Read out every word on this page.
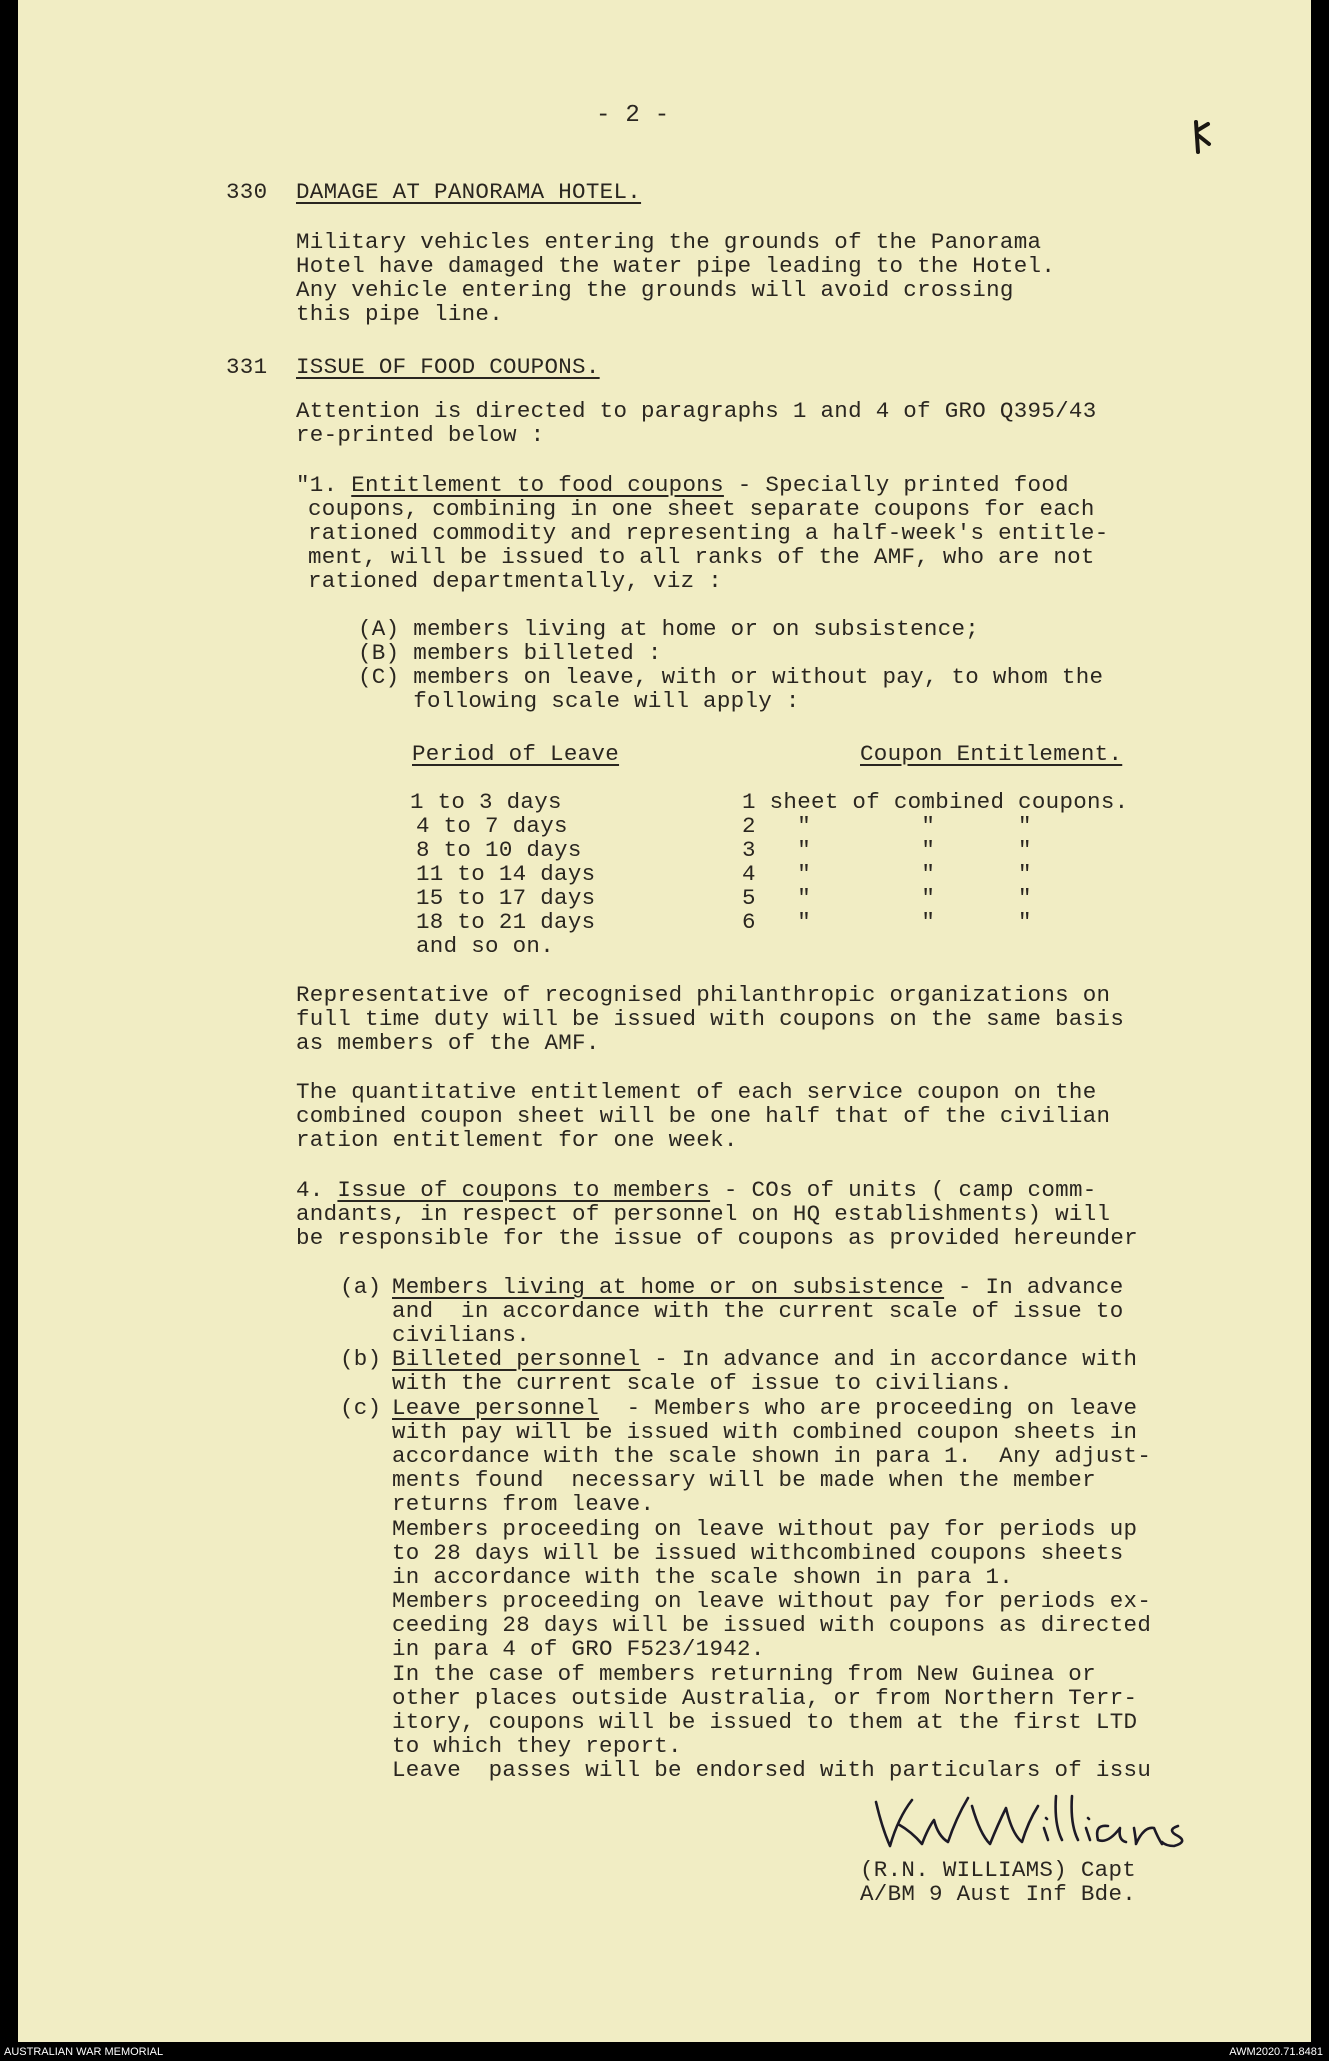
- 2 -
330 DAMAGE AT PANORAMA HOTEL.
Military vehicles entering the grounds of the Panorama
Hotel have damaged the water pipe leading to the Hotel.
Any vehicle entering the grounds will avoid crossing
this pipe line.
331 ISSUE OF FOOD COUPONS.
Attention is directed to paragraphs 1 and 4 of GRO Q395/43
re-printed below :
"1. Entitlement to food coupons - Specially printed food
coupons, combining in one sheet separate coupons for each
rationed commodity and representing a half-week's entitle-
ment, will be issued to all ranks of the AMF, who are not
rationed departmentally, viz :
(A) members living at home or on subsistence;
(B) members billeted :
(C) members on leave, with or without pay, to whom the
following scale will apply :
Period of Leave	Coupon Entitlement.
1 to 3 days	1 sheet of combined coupons.
4 to 7 days	2   "        "      "
8 to 10 days	3   "        "      "
11 to 14 days	4   "        "      "
15 to 17 days	5   "        "      "
18 to 21 days	6   "        "      "
and so on.
Representative of recognised philanthropic organizations on
full time duty will be issued with coupons on the same basis
as members of the AMF.
The quantitative entitlement of each service coupon on the
combined coupon sheet will be one half that of the civilian
ration entitlement for one week.
4. Issue of coupons to members - COs of units ( camp comm-
andants, in respect of personnel on HQ establishments) will
be responsible for the issue of coupons as provided hereunder
(a) Members living at home or on subsistence - In advance
and  in accordance with the current scale of issue to
civilians.
(b) Billeted personnel - In advance and in accordance with
with the current scale of issue to civilians.
(c) Leave personnel  - Members who are proceeding on leave
with pay will be issued with combined coupon sheets in
accordance with the scale shown in para 1.  Any adjust-
ments found  necessary will be made when the member
returns from leave.
Members proceeding on leave without pay for periods up
to 28 days will be issued withcombined coupons sheets
in accordance with the scale shown in para 1.
Members proceeding on leave without pay for periods ex-
ceeding 28 days will be issued with coupons as directed
in para 4 of GRO F523/1942.
In the case of members returning from New Guinea or
other places outside Australia, or from Northern Terr-
itory, coupons will be issued to them at the first LTD
to which they report.
Leave  passes will be endorsed with particulars of issu
(R.N. WILLIAMS) Capt
A/BM 9 Aust Inf Bde.
AUSTRALIAN WAR MEMORIAL	AWM2020.71.8481
